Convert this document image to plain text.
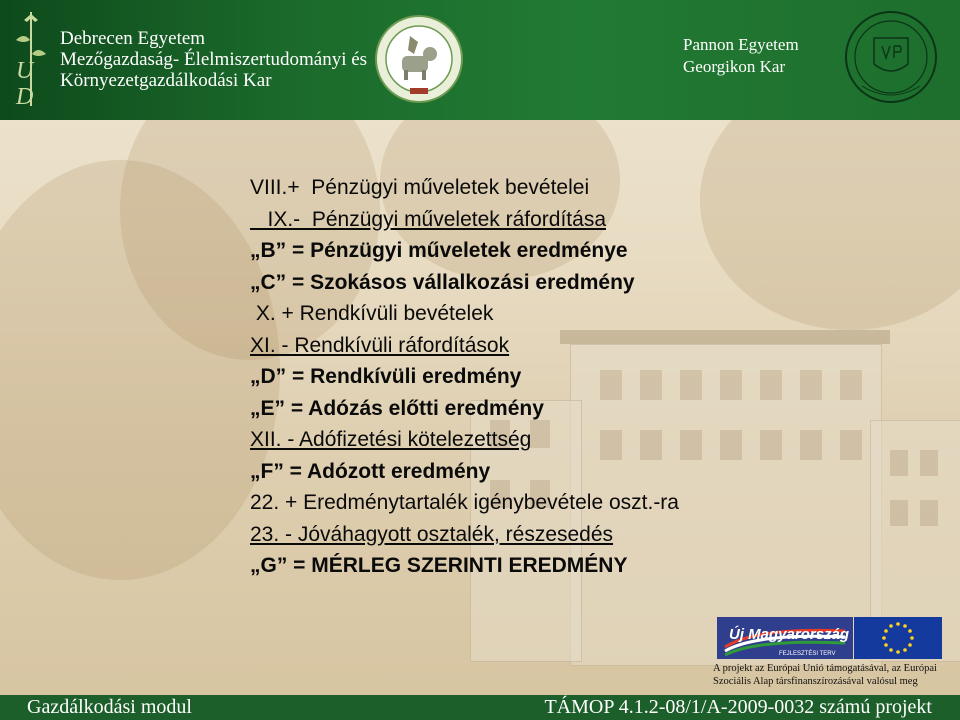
U
D
Debrecen Egyetem
Mezőgazdaság- Élelmiszertudományi és
Környezetgazdálkodási Kar
Pannon Egyetem
Georgikon Kar
VIII.+  Pénzügyi műveletek bevételei
IX.-  Pénzügyi műveletek ráfordítása
„B” = Pénzügyi műveletek eredménye
„C” = Szokásos vállalkozási eredmény
X. + Rendkívüli bevételek
XI. - Rendkívüli ráfordítások
„D” = Rendkívüli eredmény
„E” = Adózás előtti eredmény
XII. - Adófizetési kötelezettség
„F” = Adózott eredmény
22. + Eredménytartalék igénybevétele oszt.-ra
23. - Jóváhagyott osztalék, részesedés
„G” = MÉRLEG SZERINTI EREDMÉNY
Új Magyarország
FEJLESZTÉSI TERV
A projekt az Európai Unió támogatásával, az Európai
Szociális Alap társfinanszírozásával valósul meg
Gazdálkodási modul	TÁMOP 4.1.2-08/1/A-2009-0032 számú projekt
